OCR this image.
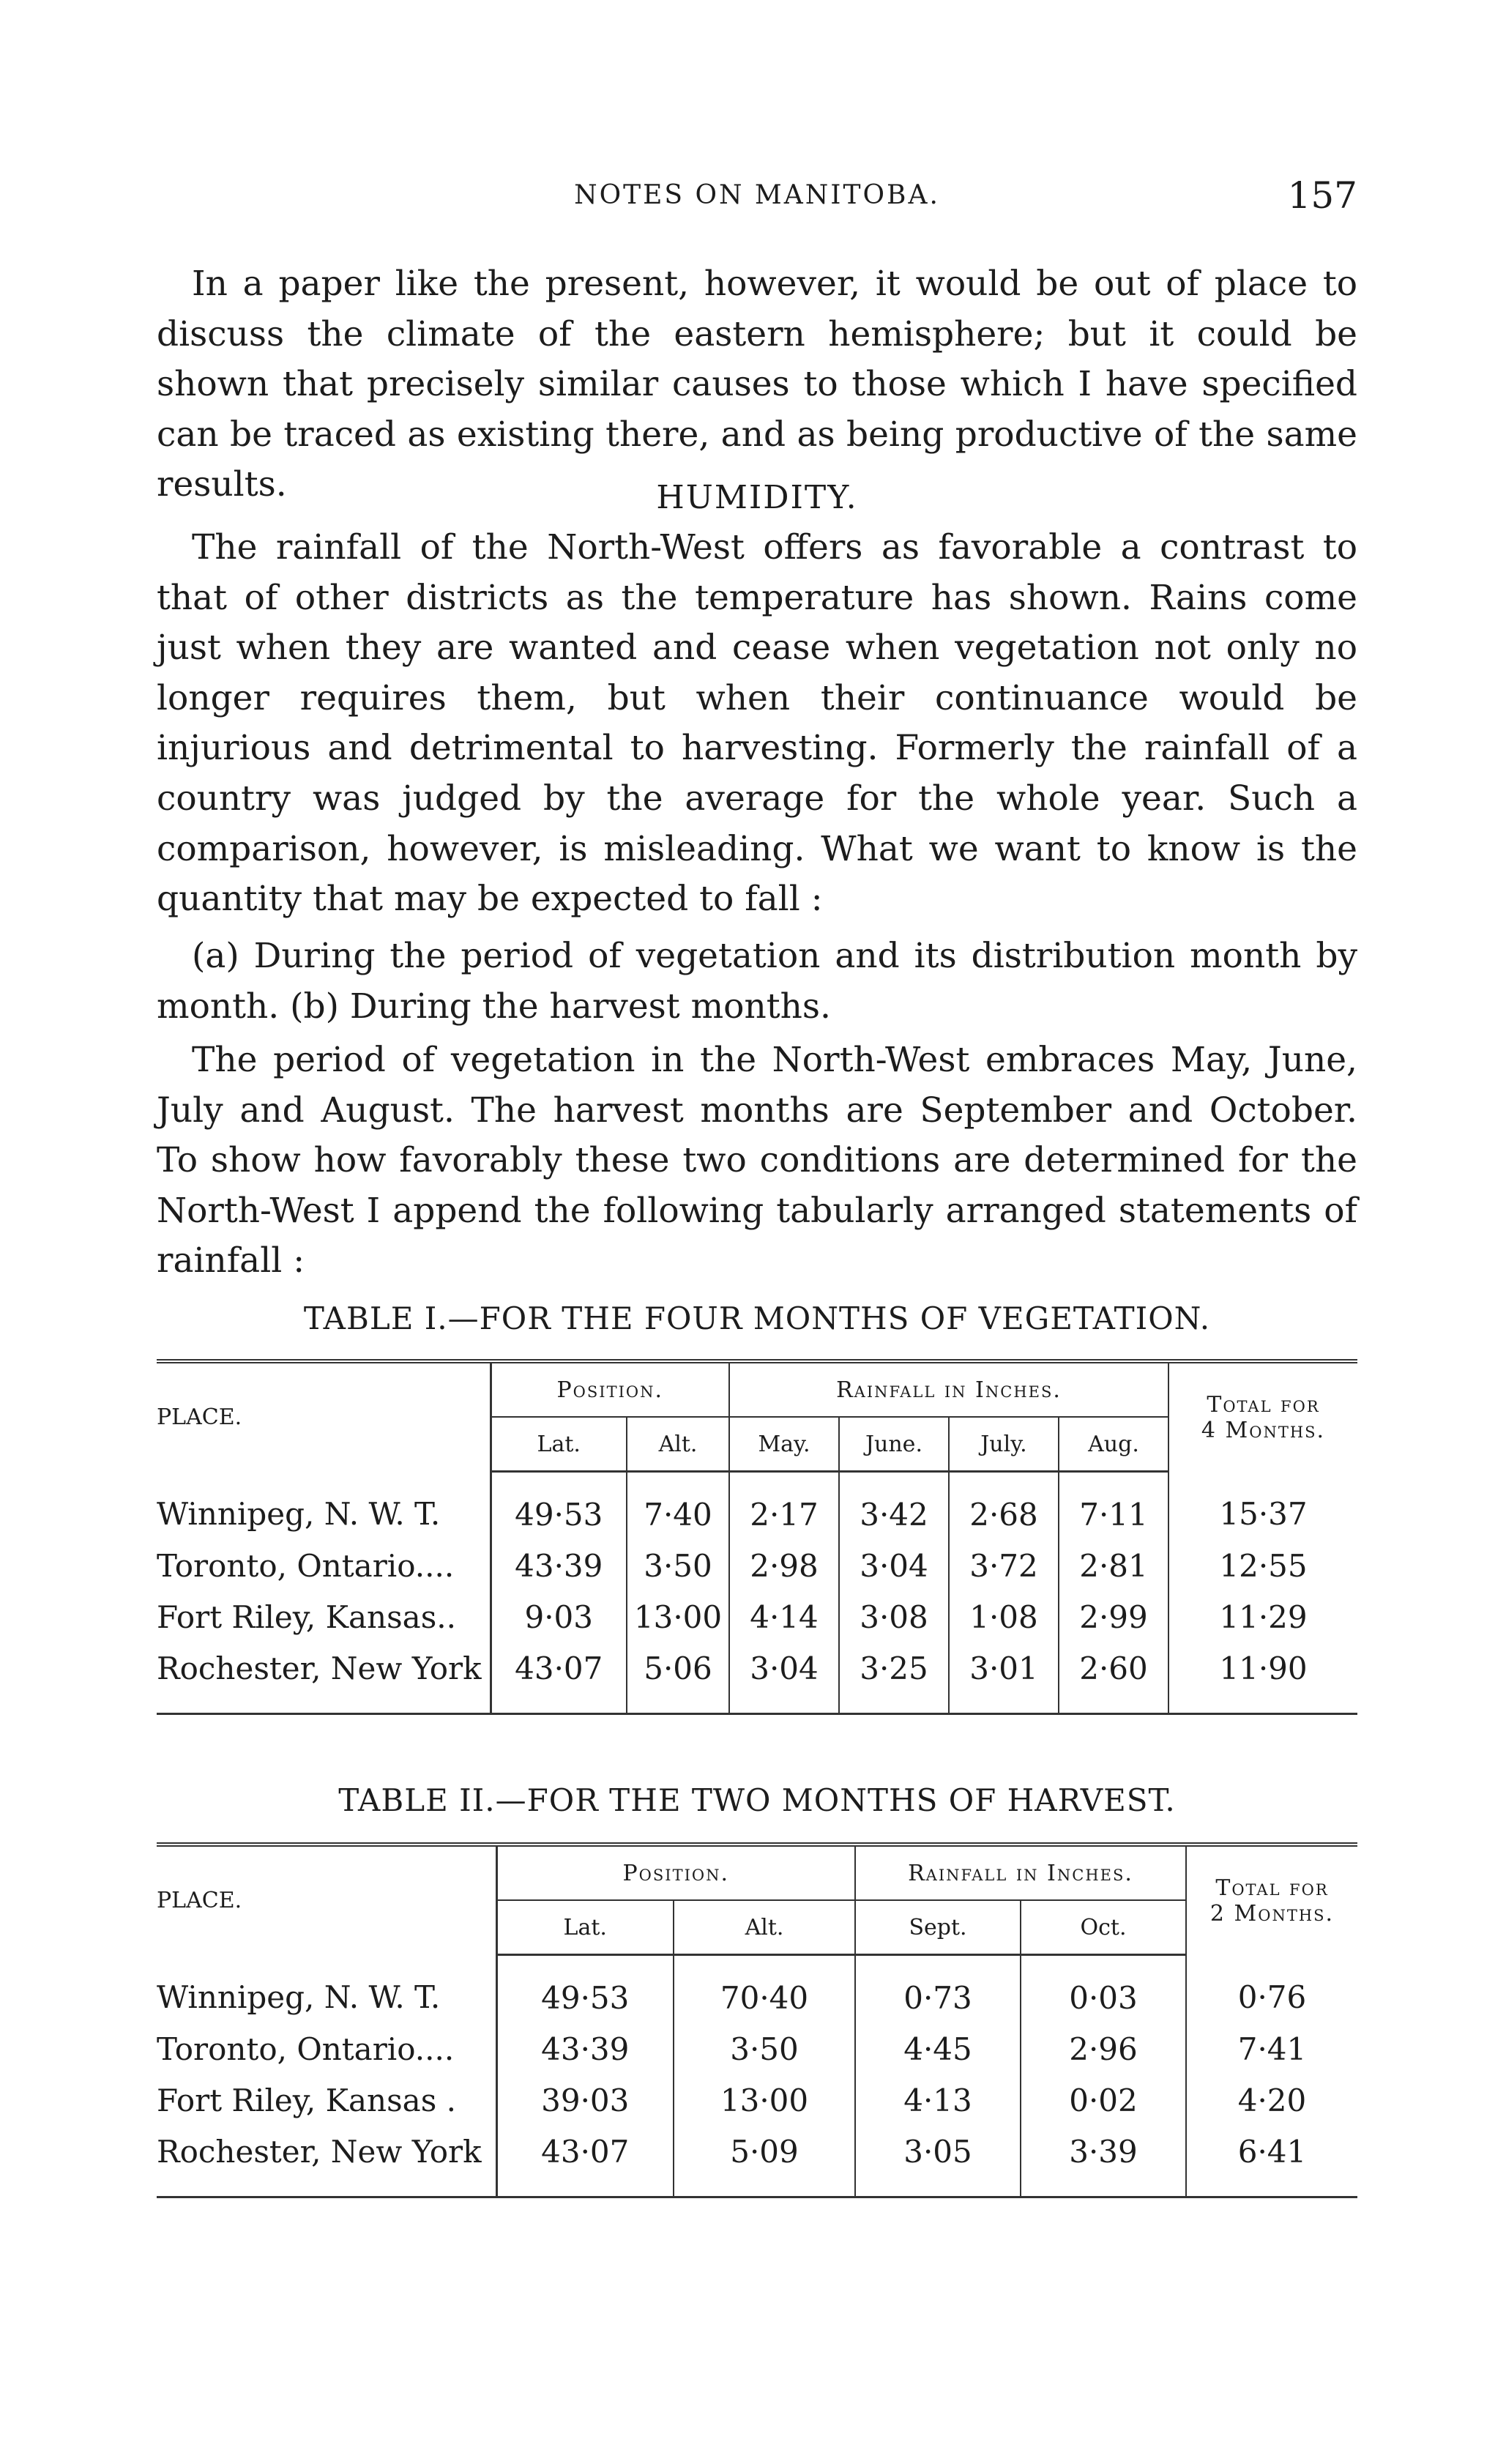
NOTES ON MANITOBA.	157

In a paper like the present, however, it would be out of place to discuss the climate of the eastern hemisphere; but it could be shown that precisely similar causes to those which I have specified can be traced as existing there, and as being productive of the same results.	HUMIDITY.

The rainfall of the North-West offers as favorable a contrast to that of other districts as the temperature has shown. Rains come just when they are wanted and cease when vegetation not only no longer requires them, but when their continuance would be injurious and detrimental to harvesting. Formerly the rainfall of a country was judged by the average for the whole year. Such a comparison, however, is misleading. What we want to know is the quantity that may be expected to fall :

(a) During the period of vegetation and its distribution month by month. (b) During the harvest months.

The period of vegetation in the North-West embraces May, June, July and August. The harvest months are September and October. To show how favorably these two conditions are determined for the North-West I append the following tabularly arranged statements of rainfall :

TABLE I.—FOR THE FOUR MONTHS OF VEGETATION.
PLACE.	Position.		Rainfall in Inches.				Total for
4 Months.

	Lat.	Alt.	May.	June.	July.	Aug.	
Winnipeg, N. W. T.	49·53	7·40	2·17	3·42	2·68	7·11	15·37
Toronto, Ontario....	43·39	3·50	2·98	3·04	3·72	2·81	12·55
Fort Riley, Kansas..	9·03	13·00	4·14	3·08	1·08	2·99	11·29
Rochester, New York	43·07	5·06	3·04	3·25	3·01	2·60	11·90
TABLE II.—FOR THE TWO MONTHS OF HARVEST.
PLACE.	Position.		Rainfall in Inches.		Total for
2 Months.

	Lat.	Alt.	Sept.	Oct.	
Winnipeg, N. W. T.	49·53	70·40	0·73	0·03	0·76
Toronto, Ontario....	43·39	3·50	4·45	2·96	7·41
Fort Riley, Kansas .	39·03	13·00	4·13	0·02	4·20
Rochester, New York	43·07	5·09	3·05	3·39	6·41
